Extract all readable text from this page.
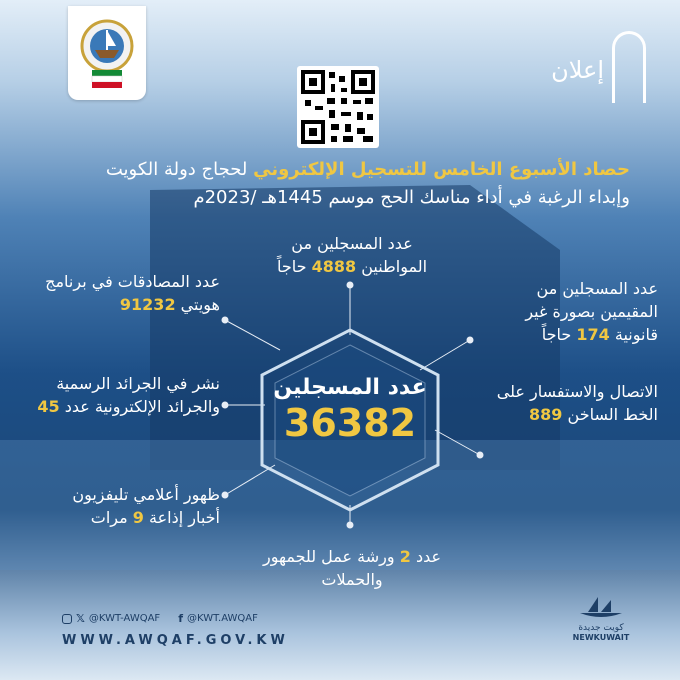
إعلان
حصاد الأسبوع الخامس للتسجيل الإلكتروني لحجاج دولة الكويت
وإبداء الرغبة في أداء مناسك الحج موسم 1445هـ /2023م
عدد المسجلين
36382
عدد المسجلين من المواطنين 4888 حاجاً
عدد المسجلين من المقيمين بصورة غير قانونية 174 حاجاً
الاتصال والاستفسار على الخط الساخن 889
عدد 2 ورشة عمل للجمهور والحملات
ظهور أعلامي تليفزيون أخبار إذاعة 9 مرات
نشر في الجرائد الرسمية والجرائد الإلكترونية عدد 45
عدد المصادقات في برنامج هويتي 91232
𝕏 @KWT-AWQAF f @KWT.AWQAF
WWW.AWQAF.GOV.KW
كويت جديدة
NEWKUWAIT
